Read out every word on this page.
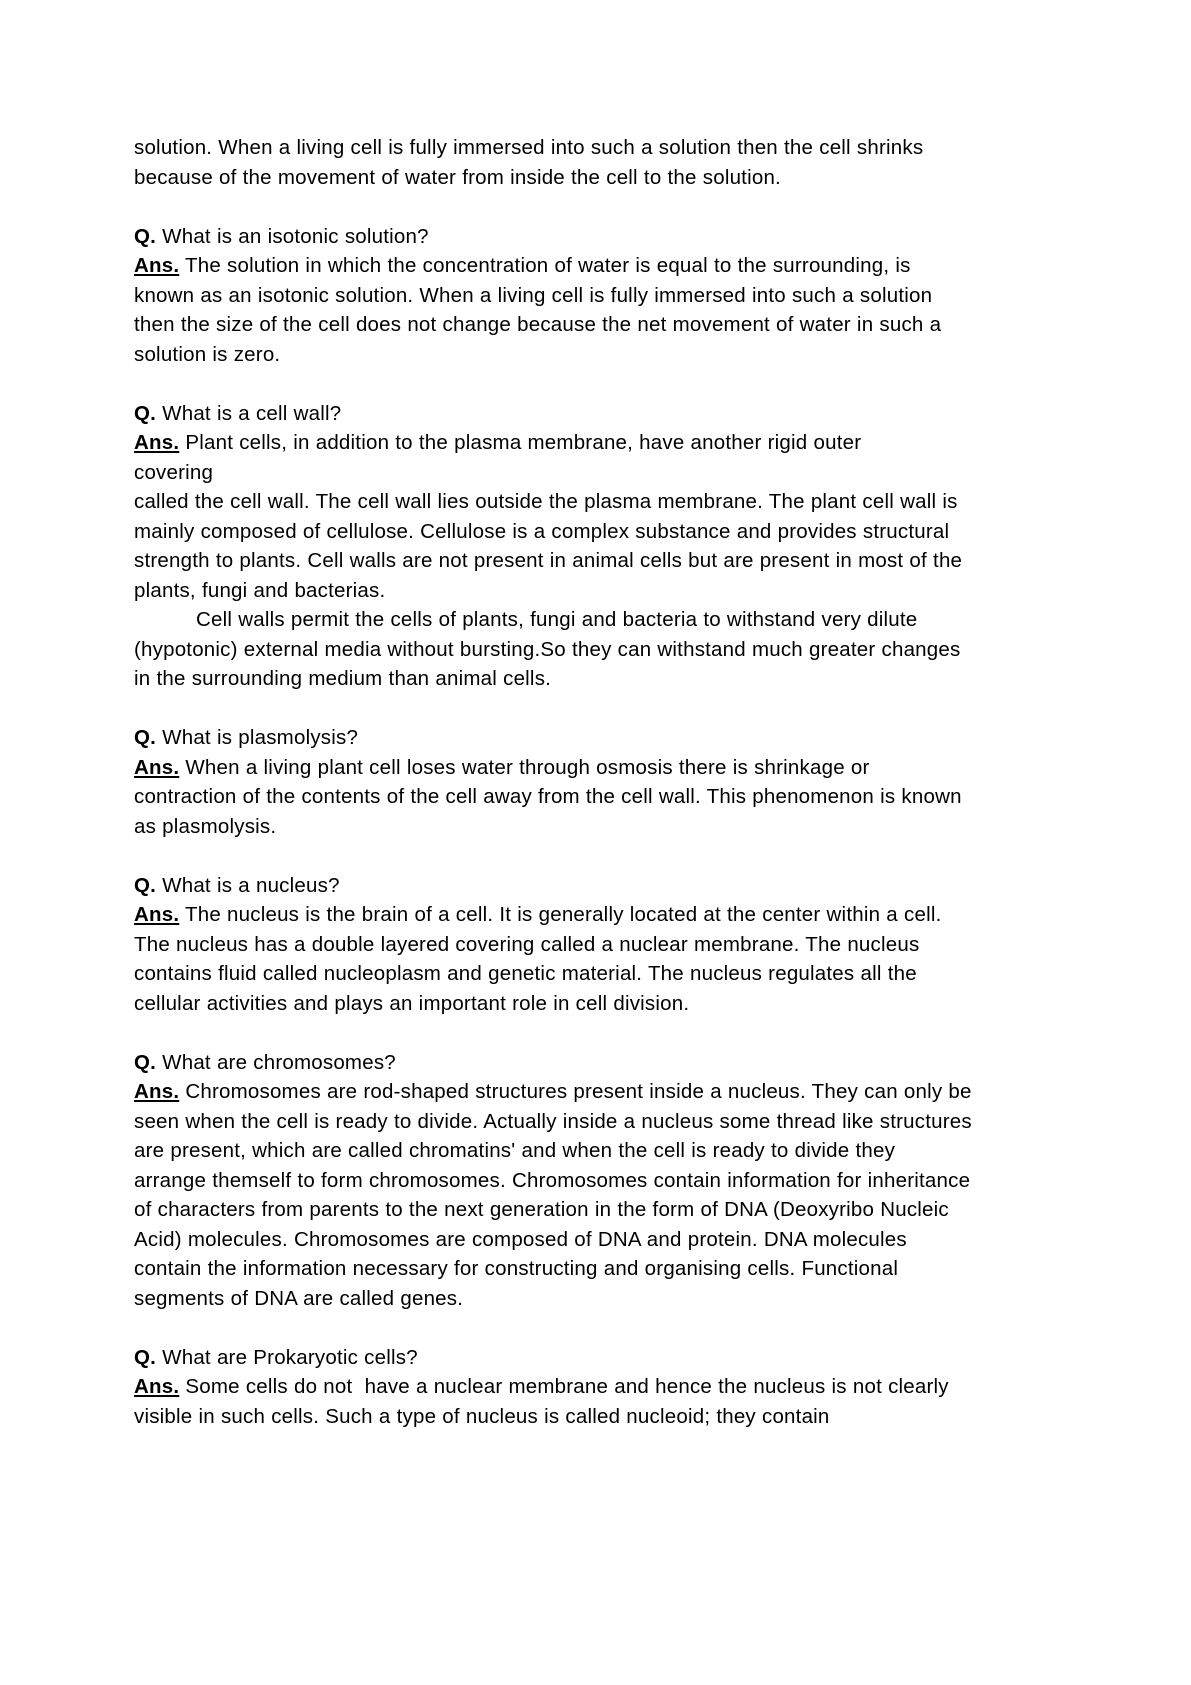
solution. When a living cell is fully immersed into such a solution then the cell shrinks because of the movement of water from inside the cell to the solution.

Q. What is an isotonic solution?

Ans. The solution in which the concentration of water is equal to the surrounding, is known as an isotonic solution. When a living cell is fully immersed into such a solution then the size of the cell does not change because the net movement of water in such a solution is zero.

Q. What is a cell wall?

Ans. Plant cells, in addition to the plasma membrane, have another rigid outer

covering
called the cell wall. The cell wall lies outside the plasma membrane. The plant cell wall is mainly composed of cellulose. Cellulose is a complex substance and provides structural strength to plants. Cell walls are not present in animal cells but are present in most of the plants, fungi and bacterias.
Cell walls permit the cells of plants, fungi and bacteria to withstand very dilute (hypotonic) external media without bursting.So they can withstand much greater changes in the surrounding medium than animal cells.

Q. What is plasmolysis?

Ans. When a living plant cell loses water through osmosis there is shrinkage or contraction of the contents of the cell away from the cell wall. This phenomenon is known as plasmolysis.

Q. What is a nucleus?

Ans. The nucleus is the brain of a cell. It is generally located at the center within a cell. The nucleus has a double layered covering called a nuclear membrane. The nucleus contains fluid called nucleoplasm and genetic material. The nucleus regulates all the cellular activities and plays an important role in cell division.

Q. What are chromosomes?

Ans. Chromosomes are rod-shaped structures present inside a nucleus. They can only be seen when the cell is ready to divide. Actually inside a nucleus some thread like structures are present, which are called chromatins' and when the cell is ready to divide they arrange themself to form chromosomes. Chromosomes contain information for inheritance of characters from parents to the next generation in the form of DNA (Deoxyribo Nucleic Acid) molecules. Chromosomes are composed of DNA and protein. DNA molecules contain the information necessary for constructing and organising cells. Functional segments of DNA are called genes.

Q. What are Prokaryotic cells?

Ans. Some cells do not  have a nuclear membrane and hence the nucleus is not clearly visible in such cells. Such a type of nucleus is called nucleoid; they contain
